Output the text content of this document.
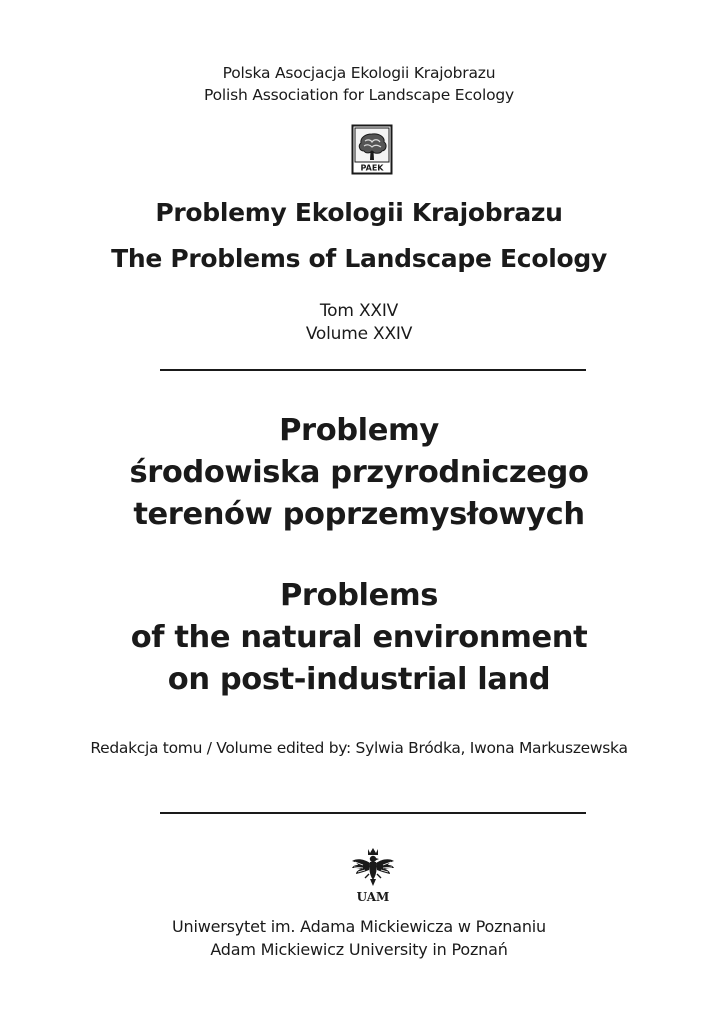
Polska Asocjacja Ekologii Krajobrazu
Polish Association for Landscape Ecology
PAEK
Problemy Ekologii Krajobrazu
The Problems of Landscape Ecology
Tom XXIV
Volume XXIV
Problemy
środowiska przyrodniczego
terenów poprzemysłowych
Problems
of the natural environment
on post-industrial land
Redakcja tomu / Volume edited by: Sylwia Bródka, Iwona Markuszewska
UAM
Uniwersytet im. Adama Mickiewicza w Poznaniu
Adam Mickiewicz University in Poznań
